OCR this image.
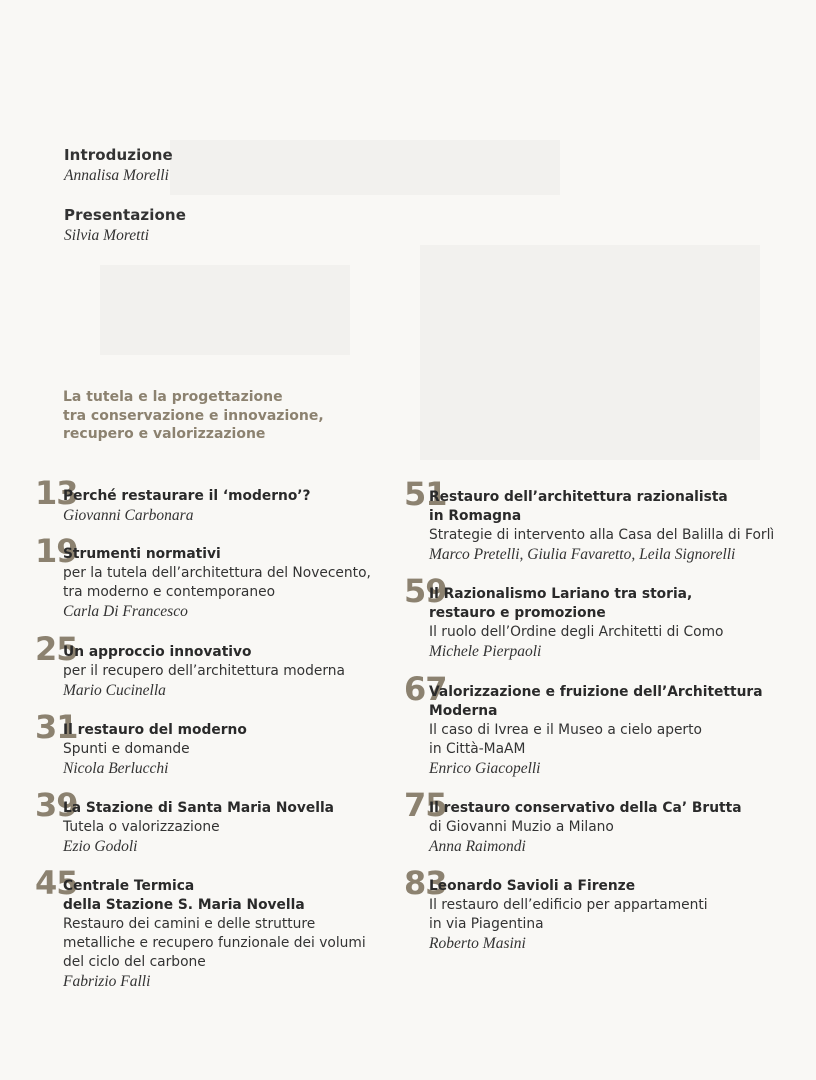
Introduzione
Annalisa Morelli
Presentazione
Silvia Moretti
La tutela e la progettazione
tra conservazione e innovazione,
recupero e valorizzazione
13
Perché restaurare il ‘moderno’?
Giovanni Carbonara
19
Strumenti normativi
per la tutela dell’architettura del Novecento,
tra moderno e contemporaneo
Carla Di Francesco
25
Un approccio innovativo
per il recupero dell’architettura moderna
Mario Cucinella
31
Il restauro del moderno
Spunti e domande
Nicola Berlucchi
39
La Stazione di Santa Maria Novella
Tutela o valorizzazione
Ezio Godoli
45
Centrale Termica
della Stazione S. Maria Novella
Restauro dei camini e delle strutture
metalliche e recupero funzionale dei volumi
del ciclo del carbone
Fabrizio Falli
51
Restauro dell’architettura razionalista
in Romagna
Strategie di intervento alla Casa del Balilla di Forlì
Marco Pretelli, Giulia Favaretto, Leila Signorelli
59
Il Razionalismo Lariano tra storia,
restauro e promozione
Il ruolo dell’Ordine degli Architetti di Como
Michele Pierpaoli
67
Valorizzazione e fruizione dell’Architettura
Moderna
Il caso di Ivrea e il Museo a cielo aperto
in Città-MaAM
Enrico Giacopelli
75
Il restauro conservativo della Ca’ Brutta
di Giovanni Muzio a Milano
Anna Raimondi
83
Leonardo Savioli a Firenze
Il restauro dell’edificio per appartamenti
in via Piagentina
Roberto Masini
